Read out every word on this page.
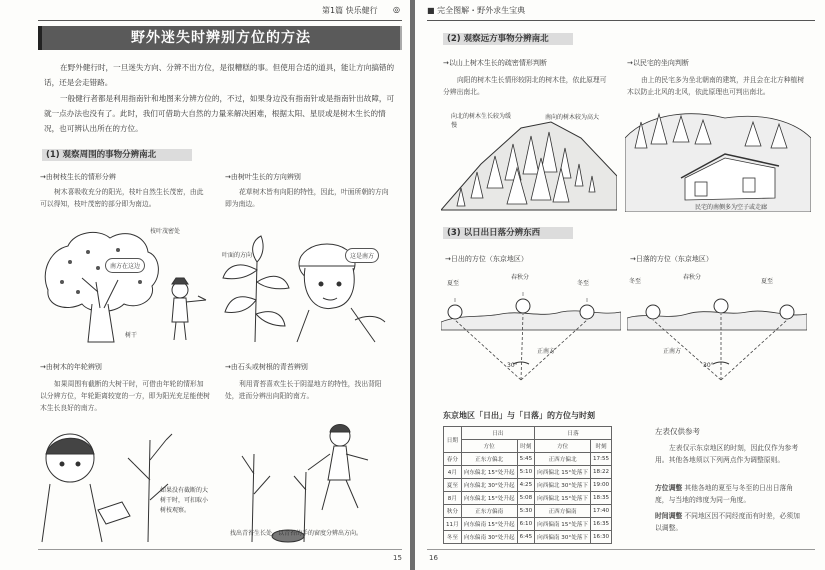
第1篇 快乐健行 ◎
野外迷失时辨别方位的方法
在野外健行时，一旦迷失方向、分辨不出方位，是很糟糕的事。但使用合适的道具，能让方向搞错的话，还是会走错路。
一般健行者都是利用指南针和地图来分辨方位的，不过，如果身边没有指南针或是指南针出故障，可就一点办法也没有了。此时，我们可借助大自然的力量来解决困难，根据太阳、星辰或是树木生长的情况，也可辨认出所在的方位。
(1) 观察周围的事物分辨南北
→由树枝生长的情形分辨
树木喜吸收充分的阳光，枝叶自然生长茂密，由此可以得知，枝叶茂密的部分即为南边。
→由树叶生长的方向辨别
花草树木皆有向阳的特性，因此，叶面所朝的方向即为南边。
枝叶茂密处
南方在这边
树干
叶面的方向	这是南方
→由树木的年轮辨别
如果周围有截断的大树干时，可借由年轮的情形加以分辨方位，年轮距离较宽的一方，即为阳光充足能使树木生长良好的南方。
→由石头或树根的青苔辨别
利用青苔喜欢生长于阴湿地方的特性，找出背阳处，进而分辨出向阳的南方。
如果没有截断的大树干时，可扣取小树枝观察。
找出青苔生长处，以青苔的手的窗度分辨出方向。
15
■ 完全图解・野外求生宝典
(2) 观察远方事物分辨南北
→以山上树木生长的疏密情形判断
向阳的树木生长情形较阴北的树木佳，依此原理可分辨出南北。
→以民宅的坐向判断
由上的民宅多为坐北朝南的建筑，并且会在北方种植树木以防止北风的北风，依此原理也可判出南北。
向北的树木生长较为缓慢
南向的树木较为高大
民宅的南侧多为空子或走廊
(3) 以日出日落分辨东西
→日出的方位（东京地区）	→日落的方位（东京地区）
夏至
春秋分
冬至
正南方
30°
冬至
春秋分
夏至
正南方
30°
东京地区「日出」与「日落」的方位与时刻
日期	日出		日落	
	方位	时刻	方位	时刻
春分	正东方偏北	5:45	正西方偏北	17:55
4月	向东偏北 15°处升起	5:10	向西偏北 15°处落下	18:22
夏至	向东偏北 30°处升起	4:25	向西偏北 30°处落下	19:00
8月	向东偏北 15°处升起	5:08	向西偏北 15°处落下	18:35
秋分	正东方偏南	5:30	正西方偏南	17:40
11月	向东偏南 15°处升起	6:10	向西偏南 15°处落下	16:35
冬至	向东偏南 30°处升起	6:45	向西偏南 30°处落下	16:30
左表仅供参考
左表仅示东京地区的时刻，因此仅作为参考用。其他各地须以下列两点作为调整原则。
方位调整 其他各地的夏至与冬至的日出日落角度，与当地的纬度为同一角度。
时间调整 不同地区因不同经度而有时差，必须加以调整。
16
